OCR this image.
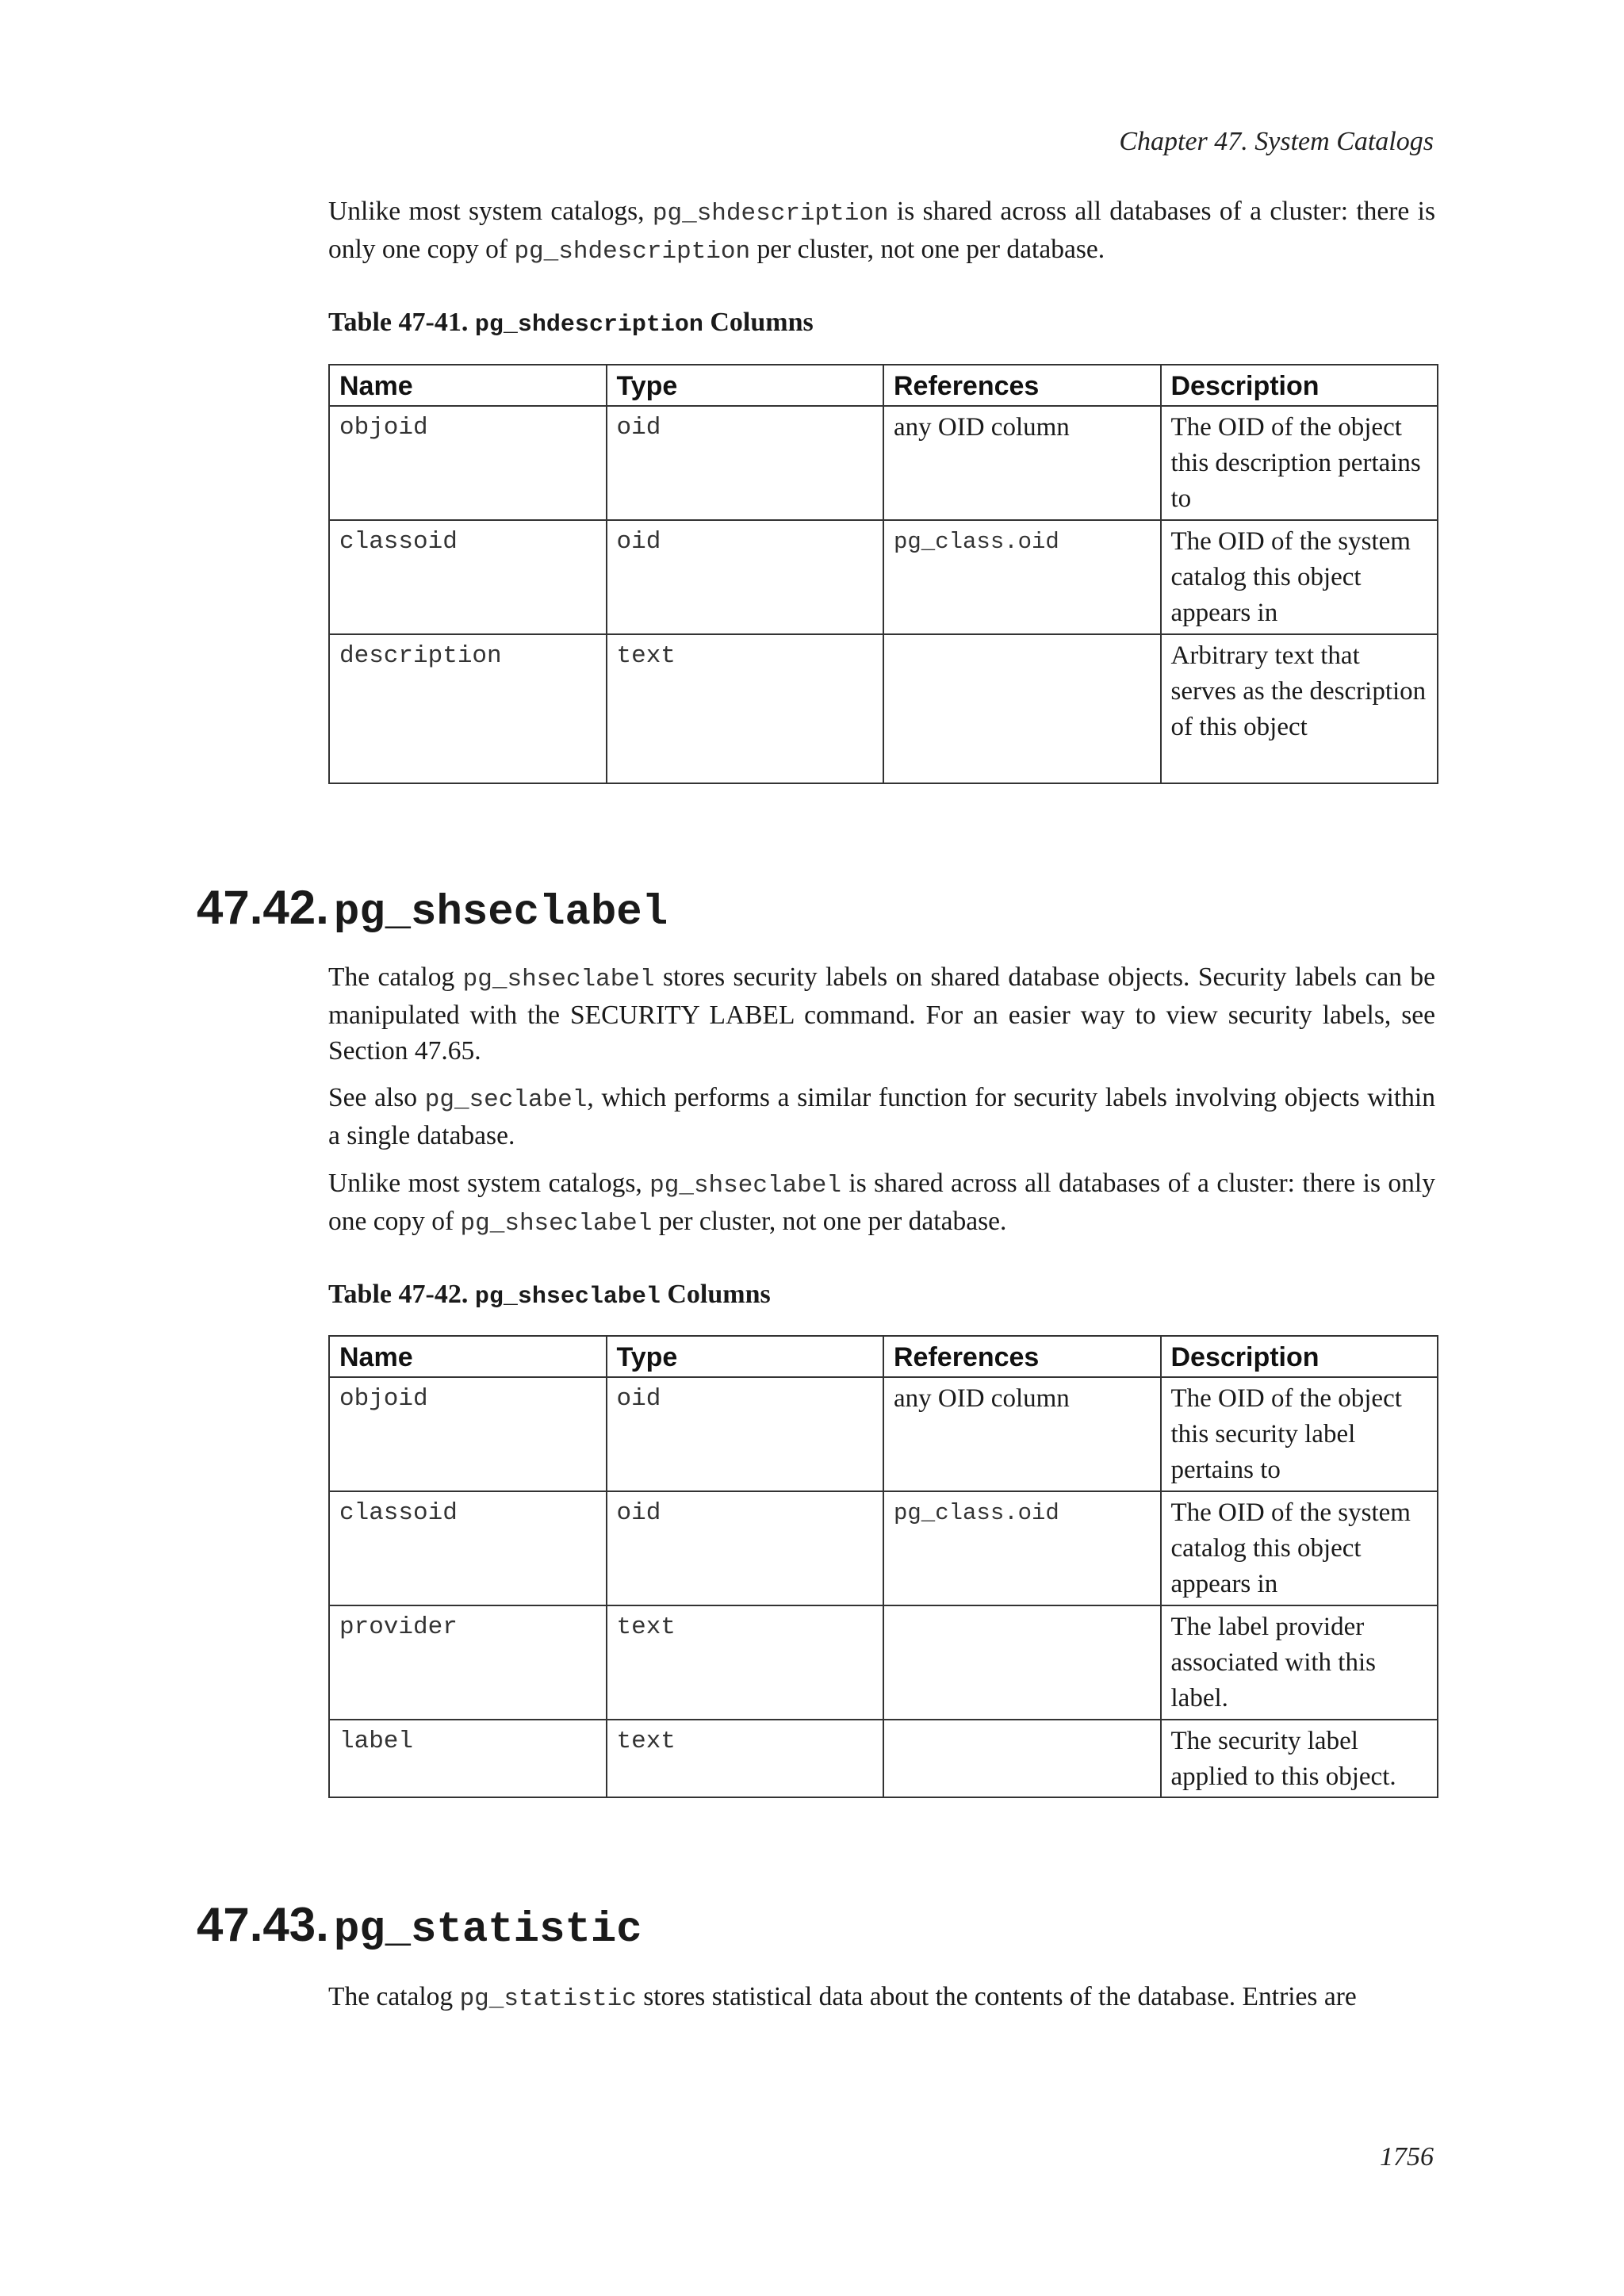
Chapter 47. System Catalogs

Unlike most system catalogs, pg_shdescription is shared across all databases of a cluster: there is only one copy of pg_shdescription per cluster, not one per database.

Table 47-41. pg_shdescription Columns

Name	Type	References	Description
objoid	oid	any OID column	The OID of the object this description pertains to
classoid	oid	pg_class.oid	The OID of the system catalog this object appears in
description	text		Arbitrary text that serves as the description of this object
47.42. pg_shseclabel

The catalog pg_shseclabel stores security labels on shared database objects. Security labels can be manipulated with the SECURITY LABEL command. For an easier way to view security labels, see Section 47.65.

See also pg_seclabel, which performs a similar function for security labels involving objects within a single database.

Unlike most system catalogs, pg_shseclabel is shared across all databases of a cluster: there is only one copy of pg_shseclabel per cluster, not one per database.

Table 47-42. pg_shseclabel Columns

Name	Type	References	Description
objoid	oid	any OID column	The OID of the object this security label pertains to
classoid	oid	pg_class.oid	The OID of the system catalog this object appears in
provider	text		The label provider associated with this label.
label	text		The security label applied to this object.
47.43. pg_statistic

The catalog pg_statistic stores statistical data about the contents of the database. Entries are

1756
